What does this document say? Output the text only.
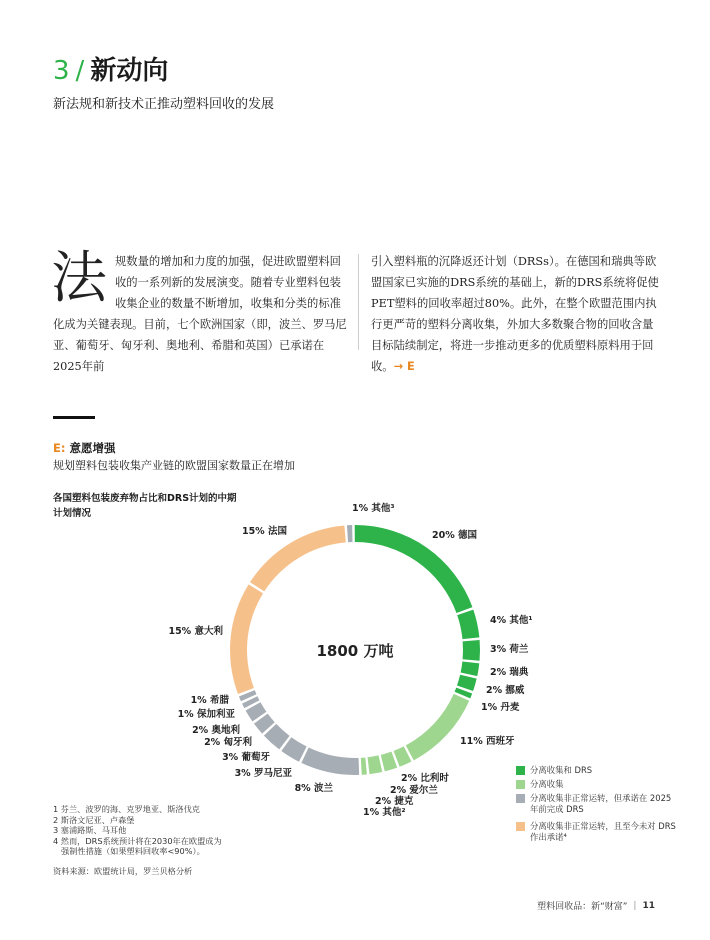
3 / 新动向
新法规和新技术正推动塑料回收的发展
法 规数量的增加和力度的加强，促进欧盟塑料回收的一系列新的发展演变。随着专业塑料包装收集企业的数量不断增加，收集和分类的标准化成为关键表现。目前，七个欧洲国家（即，波兰、罗马尼亚、葡萄牙、匈牙利、奥地利、希腊和英国）已承诺在2025年前
引入塑料瓶的沉降返还计划（DRSs）。在德国和瑞典等欧盟国家已实施的DRS系统的基础上，新的DRS系统将促使PET塑料的回收率超过80%。此外，在整个欧盟范围内执行更严苛的塑料分离收集，外加大多数聚合物的回收含量目标陆续制定，将进一步推动更多的优质塑料原料用于回收。→ E
E: 意愿增强
规划塑料包装收集产业链的欧盟国家数量正在增加
各国塑料包装废弃物占比和DRS计划的中期计划情况	1% 其他³
20% 德国
4% 其他¹
3% 荷兰
2% 瑞典
2% 挪威
1% 丹麦
11% 西班牙
2% 比利时
2% 爱尔兰
2% 捷克
1% 其他²
8% 波兰
3% 罗马尼亚
3% 葡萄牙
2% 匈牙利
2% 奥地利
1% 保加利亚
1% 希腊
15% 意大利
15% 法国
1800 万吨
分离收集和 DRS
分离收集
分离收集非正常运转，但承诺在 2025 年前完成 DRS
分离收集非正常运转，且至今未对 DRS 作出承诺⁴
1 芬兰、波罗的海、克罗地亚、斯洛伐克
2 斯洛文尼亚、卢森堡
3 塞浦路斯、马耳他
4 然而，DRS系统预计将在2030年在欧盟成为
强制性措施（如果塑料回收率<90%）。
资料来源：欧盟统计局，罗兰贝格分析
塑料回收品：新“财富” | 11
